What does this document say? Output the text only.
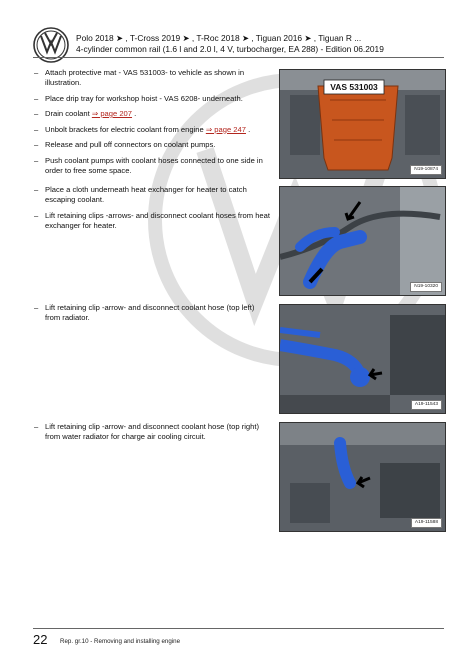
Polo 2018 ➤ , T-Cross 2019 ➤ , T-Roc 2018 ➤ , Tiguan 2016 ➤ , Tiguan R ...
4-cylinder common rail (1.6 l and 2.0 l, 4 V, turbocharger, EA 288) - Edition 06.2019

– Attach protective mat - VAS 531003- to vehicle as shown in illustration.

– Place drip tray for workshop hoist - VAS 6208- underneath.

– Drain coolant ⇒ page 207 .

– Unbolt brackets for electric coolant from engine ⇒ page 247 .

– Release and pull off connectors on coolant pumps.

– Push coolant pumps with coolant hoses connected to one side in order to free some space.

VAS 531003
N19-10874

– Place a cloth underneath heat exchanger for heater to catch escaping coolant.

– Lift retaining clips -arrows- and disconnect coolant hoses from heat exchanger for heater.

N19-10320

– Lift retaining clip -arrow- and disconnect coolant hose (top left) from radiator.

A19-11543

– Lift retaining clip -arrow- and disconnect coolant hose (top right) from water radiator for charge air cooling circuit.

A19-11588
22 Rep. gr.10 - Removing and installing engine
